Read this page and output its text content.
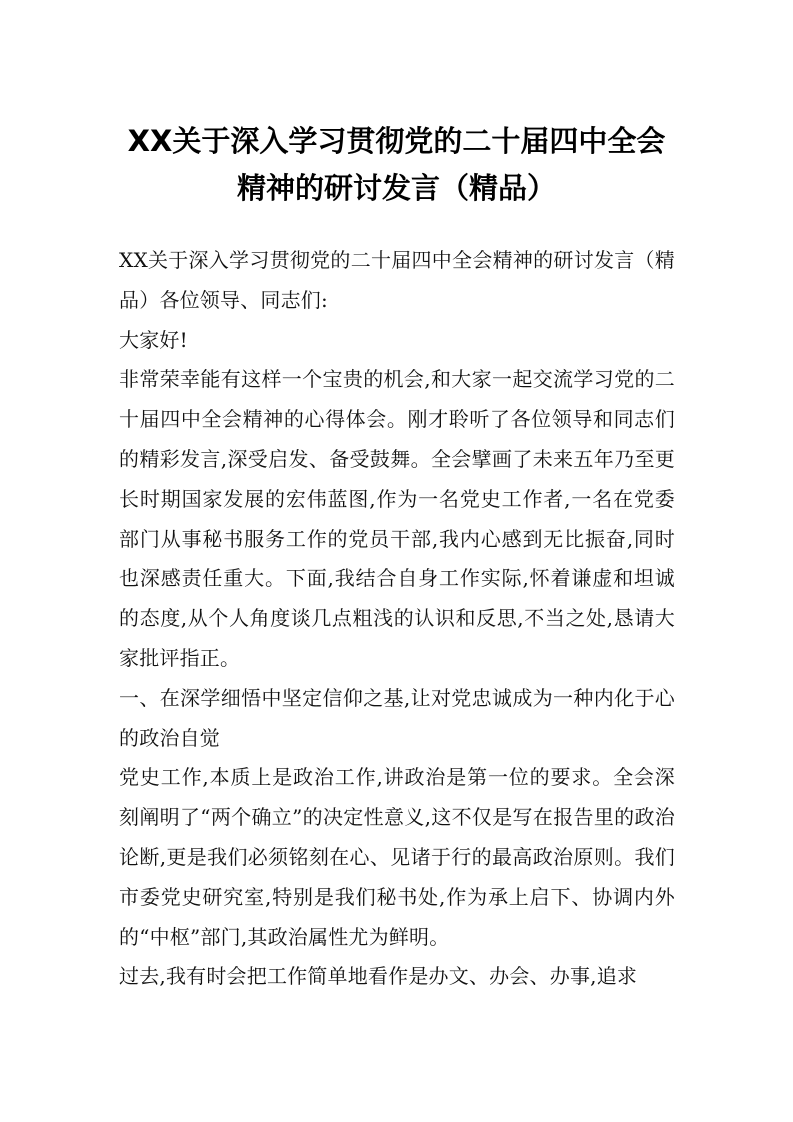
XX关于深入学习贯彻党的二十届四中全会
精神的研讨发言（精品）

XX关于深入学习贯彻党的二十届四中全会精神的研讨发言（精品）各位领导、同志们:

大家好!

非常荣幸能有这样一个宝贵的机会,和大家一起交流学习党的二十届四中全会精神的心得体会。刚才聆听了各位领导和同志们的精彩发言,深受启发、备受鼓舞。全会擘画了未来五年乃至更长时期国家发展的宏伟蓝图,作为一名党史工作者,一名在党委部门从事秘书服务工作的党员干部,我内心感到无比振奋,同时也深感责任重大。下面,我结合自身工作实际,怀着谦虚和坦诚的态度,从个人角度谈几点粗浅的认识和反思,不当之处,恳请大家批评指正。

一、在深学细悟中坚定信仰之基,让对党忠诚成为一种内化于心的政治自觉

党史工作,本质上是政治工作,讲政治是第一位的要求。全会深刻阐明了“两个确立”的决定性意义,这不仅是写在报告里的政治论断,更是我们必须铭刻在心、见诸于行的最高政治原则。我们市委党史研究室,特别是我们秘书处,作为承上启下、协调内外的“中枢”部门,其政治属性尤为鲜明。

过去,我有时会把工作简单地看作是办文、办会、办事,追求
